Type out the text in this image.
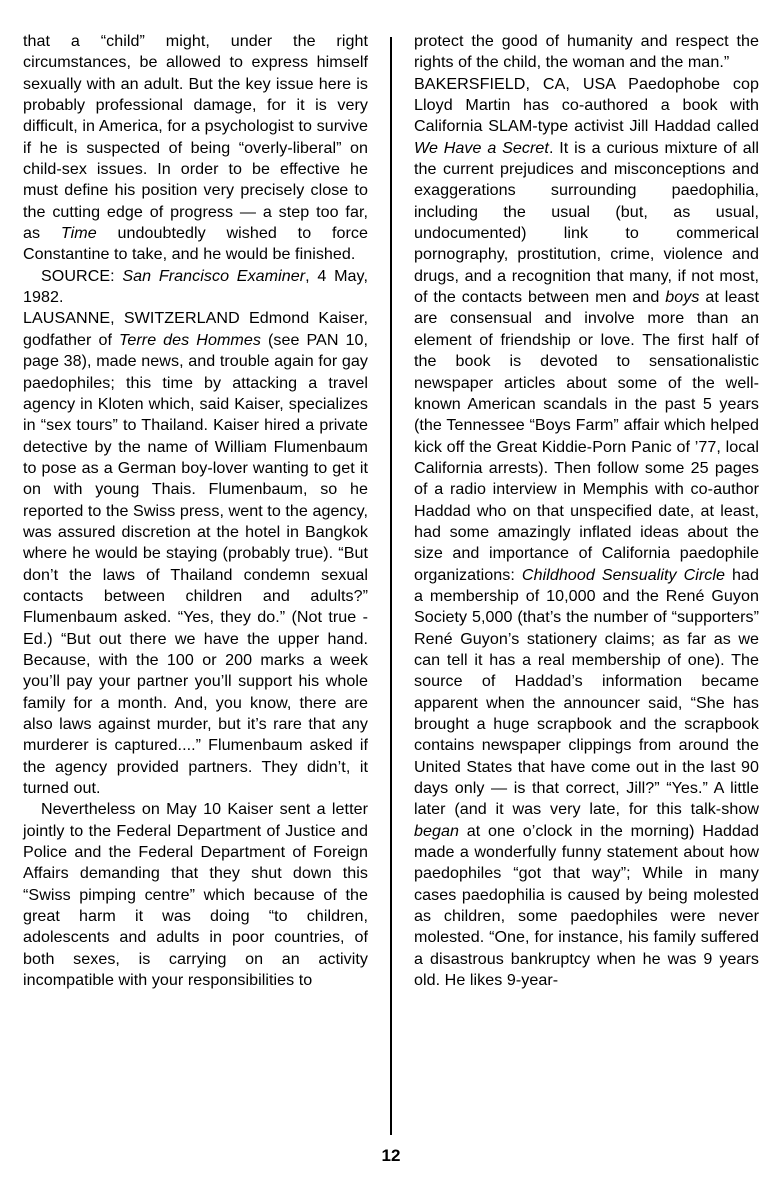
that a “child” might, under the right circumstances, be allowed to express himself sexually with an adult. But the key issue here is probably professional damage, for it is very difficult, in America, for a psychologist to survive if he is suspected of being “overly-liberal” on child-sex issues. In order to be effective he must define his position very precisely close to the cutting edge of progress — a step too far, as Time undoubtedly wished to force Constantine to take, and he would be finished.

SOURCE: San Francisco Examiner, 4 May, 1982.

LAUSANNE, SWITZERLAND Edmond Kaiser, godfather of Terre des Hommes (see PAN 10, page 38), made news, and trouble again for gay paedophiles; this time by attacking a travel agency in Kloten which, said Kaiser, specializes in “sex tours” to Thailand. Kaiser hired a private detective by the name of William Flumenbaum to pose as a German boy-lover wanting to get it on with young Thais. Flumenbaum, so he reported to the Swiss press, went to the agency, was assured discretion at the hotel in Bangkok where he would be staying (probably true). “But don’t the laws of Thailand condemn sexual contacts between children and adults?” Flumenbaum asked. “Yes, they do.” (Not true - Ed.) “But out there we have the upper hand. Because, with the 100 or 200 marks a week you’ll pay your partner you’ll support his whole family for a month. And, you know, there are also laws against murder, but it’s rare that any murderer is captured....” Flumenbaum asked if the agency provided partners. They didn’t, it turned out.

Nevertheless on May 10 Kaiser sent a letter jointly to the Federal Department of Justice and Police and the Federal Department of Foreign Affairs demanding that they shut down this “Swiss pimping centre” which because of the great harm it was doing “to children, adolescents and adults in poor countries, of both sexes, is carrying on an activity incompatible with your responsibilities to

protect the good of humanity and respect the rights of the child, the woman and the man.”

BAKERSFIELD, CA, USA Paedophobe cop Lloyd Martin has co-authored a book with California SLAM-type activist Jill Haddad called We Have a Secret. It is a curious mixture of all the current prejudices and misconceptions and exaggerations surrounding paedophilia, including the usual (but, as usual, undocumented) link to commerical pornography, prostitution, crime, violence and drugs, and a recognition that many, if not most, of the contacts between men and boys at least are consensual and involve more than an element of friendship or love. The first half of the book is devoted to sensationalistic newspaper articles about some of the well-known American scandals in the past 5 years (the Tennessee “Boys Farm” affair which helped kick off the Great Kiddie-Porn Panic of ’77, local California arrests). Then follow some 25 pages of a radio interview in Memphis with co-author Haddad who on that unspecified date, at least, had some amazingly inflated ideas about the size and importance of California paedophile organizations: Childhood Sensuality Circle had a membership of 10,000 and the René Guyon Society 5,000 (that’s the number of “supporters” René Guyon’s stationery claims; as far as we can tell it has a real membership of one). The source of Haddad’s information became apparent when the announcer said, “She has brought a huge scrapbook and the scrapbook contains newspaper clippings from around the United States that have come out in the last 90 days only — is that correct, Jill?” “Yes.” A little later (and it was very late, for this talk-show began at one o’clock in the morning) Haddad made a wonderfully funny statement about how paedophiles “got that way”; While in many cases paedophilia is caused by being molested as children, some paedophiles were never molested. “One, for instance, his family suffered a disastrous bankruptcy when he was 9 years old. He likes 9-year-

12
